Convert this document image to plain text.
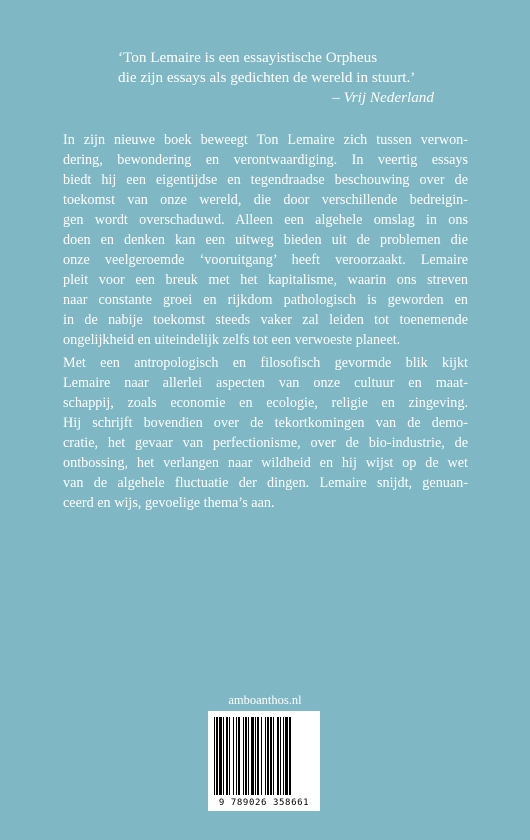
‘Ton Lemaire is een essayistische Orpheus
die zijn essays als gedichten de wereld in stuurt.’
– Vrij Nederland
In zijn nieuwe boek beweegt Ton Lemaire zich tussen verwon-
dering, bewondering en verontwaardiging. In veertig essays
biedt hij een eigentijdse en tegendraadse beschouwing over de
toekomst van onze wereld, die door verschillende bedreigin-
gen wordt overschaduwd. Alleen een algehele omslag in ons
doen en denken kan een uitweg bieden uit de problemen die
onze veelgeroemde ‘vooruitgang’ heeft veroorzaakt. Lemaire
pleit voor een breuk met het kapitalisme, waarin ons streven
naar constante groei en rijkdom pathologisch is geworden en
in de nabije toekomst steeds vaker zal leiden tot toenemende
ongelijkheid en uiteindelijk zelfs tot een verwoeste planeet.
Met een antropologisch en filosofisch gevormde blik kijkt
Lemaire naar allerlei aspecten van onze cultuur en maat-
schappij, zoals economie en ecologie, religie en zingeving.
Hij schrijft bovendien over de tekortkomingen van de demo-
cratie, het gevaar van perfectionisme, over de bio-industrie, de
ontbossing, het verlangen naar wildheid en hij wijst op de wet
van de algehele fluctuatie der dingen. Lemaire snijdt, genuan-
ceerd en wijs, gevoelige thema’s aan.
amboanthos.nl
9 789026 358661
